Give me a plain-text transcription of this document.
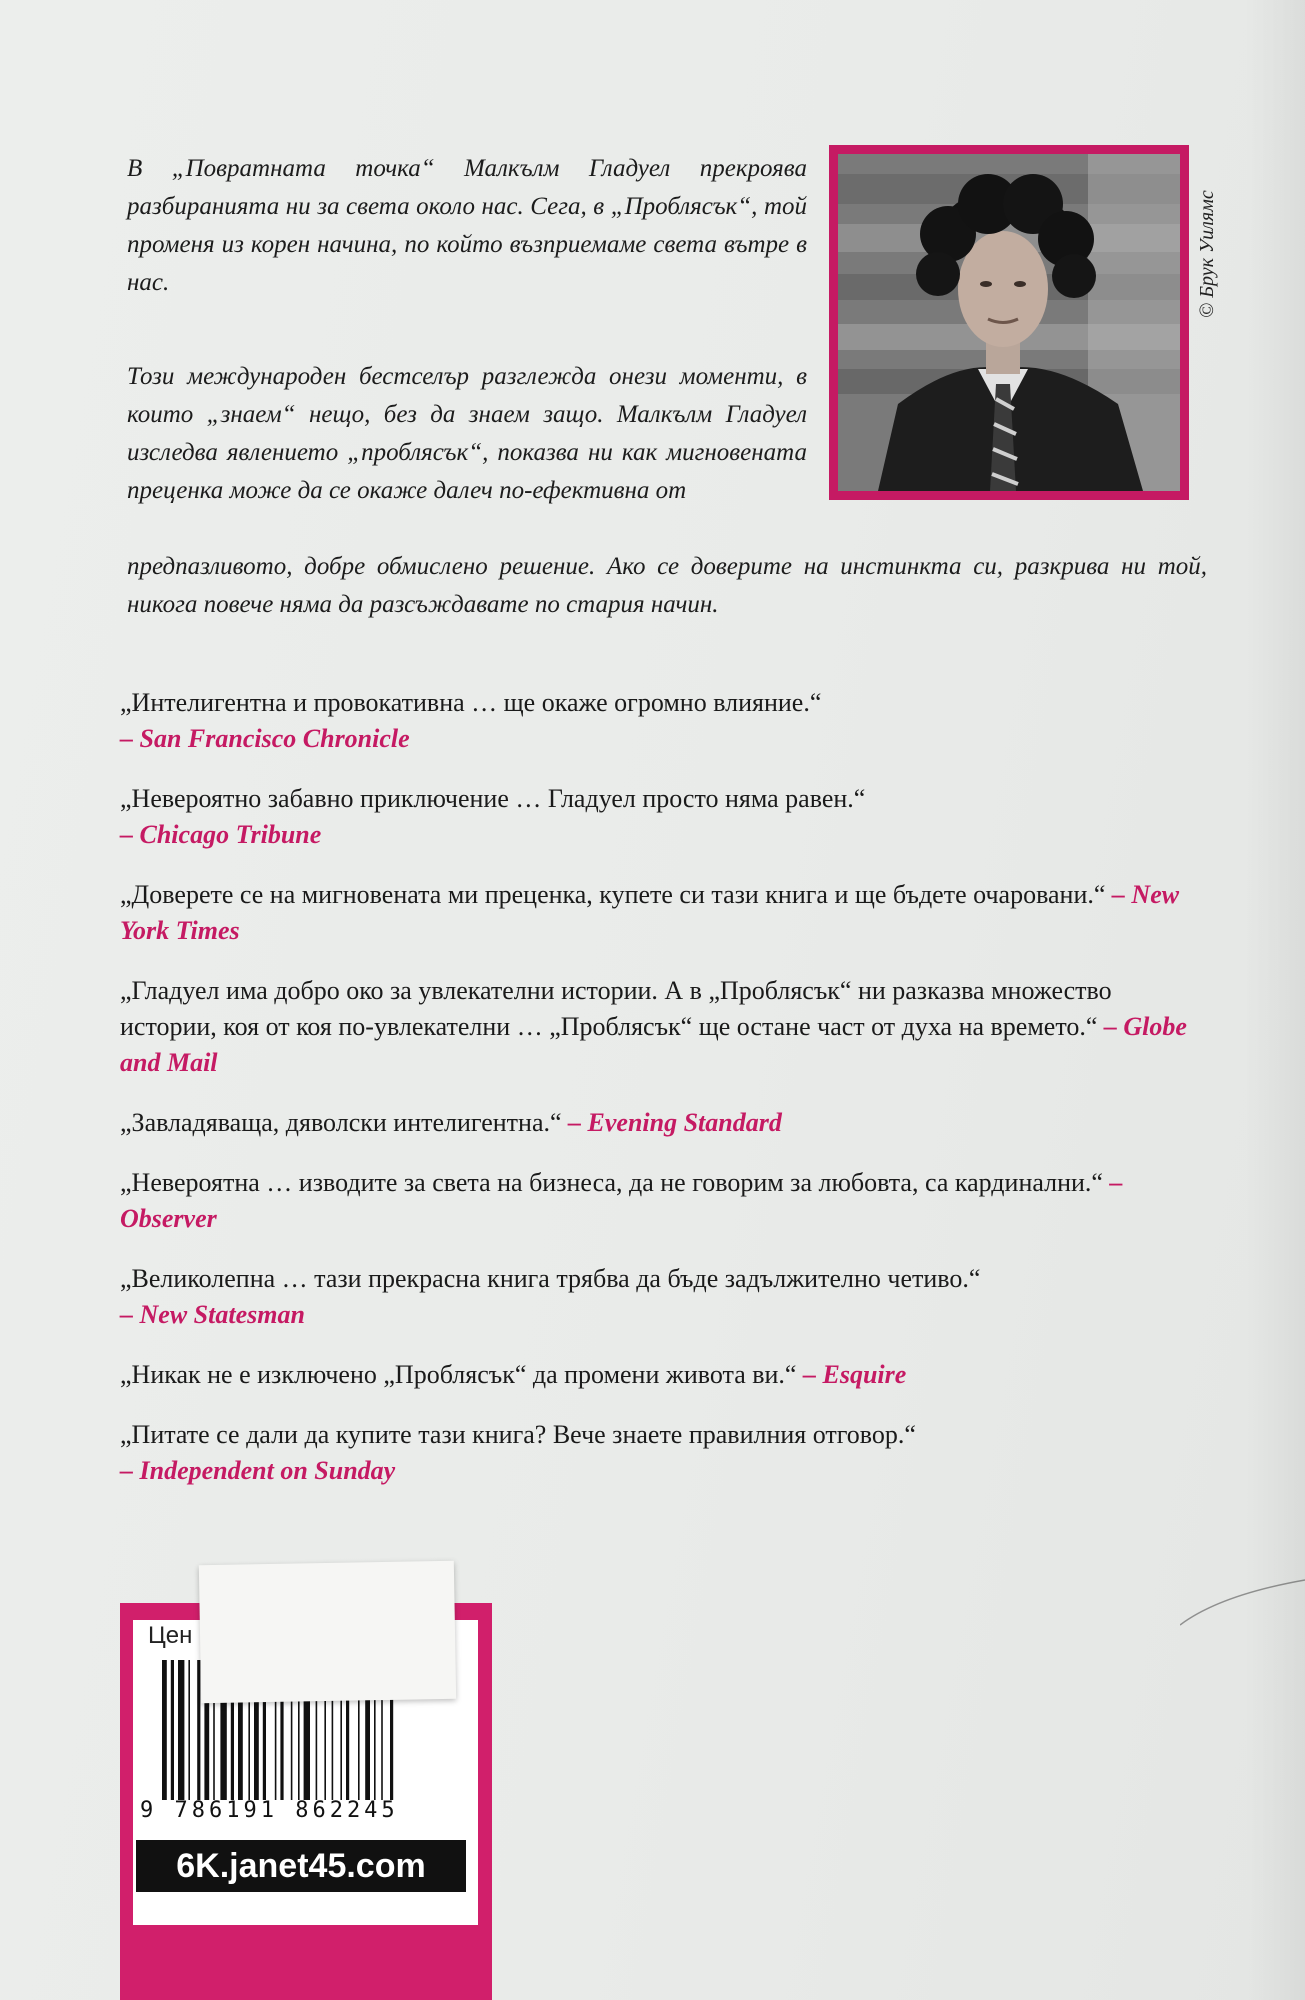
В „Повратната точка“ Малкълм Гладуел прекроява разбиранията ни за света около нас. Сега, в „Проблясък“, той променя из корен начина, по който възприемаме света вътре в нас.

Този международен бестселър разглежда онези моменти, в които „знаем“ нещо, без да знаем защо. Малкълм Гладуел изследва явлението „проблясък“, показва ни как мигновената преценка може да се окаже далеч по-ефективна от

предпазливото, добре обмислено решение. Ако се доверите на инстинкта си, разкрива ни той, никога повече няма да разсъждавате по стария начин.

© Брук Уилямс

„Интелигентна и провокативна … ще окаже огромно влияние.“
– San Francisco Chronicle

„Невероятно забавно приключение … Гладуел просто няма равен.“
– Chicago Tribune

„Доверете се на мигновената ми преценка, купете си тази книга и ще бъдете очаровани.“ – New York Times

„Гладуел има добро око за увлекателни истории. А в „Проблясък“ ни разказва множество истории, коя от коя по-увлекателни … „Проблясък“ ще остане част от духа на времето.“ – Globe and Mail

„Завладяваща, дяволски интелигентна.“ – Evening Standard

„Невероятна … изводите за света на бизнеса, да не говорим за любовта, са кардинални.“ – Observer

„Великолепна … тази прекрасна книга трябва да бъде задължително четиво.“
– New Statesman

„Никак не е изключено „Проблясък“ да промени живота ви.“ – Esquire

„Питате се дали да купите тази книга? Вече знаете правилния отговор.“
– Independent on Sunday

Цен
9 786191 862245
6K.janet45.com
